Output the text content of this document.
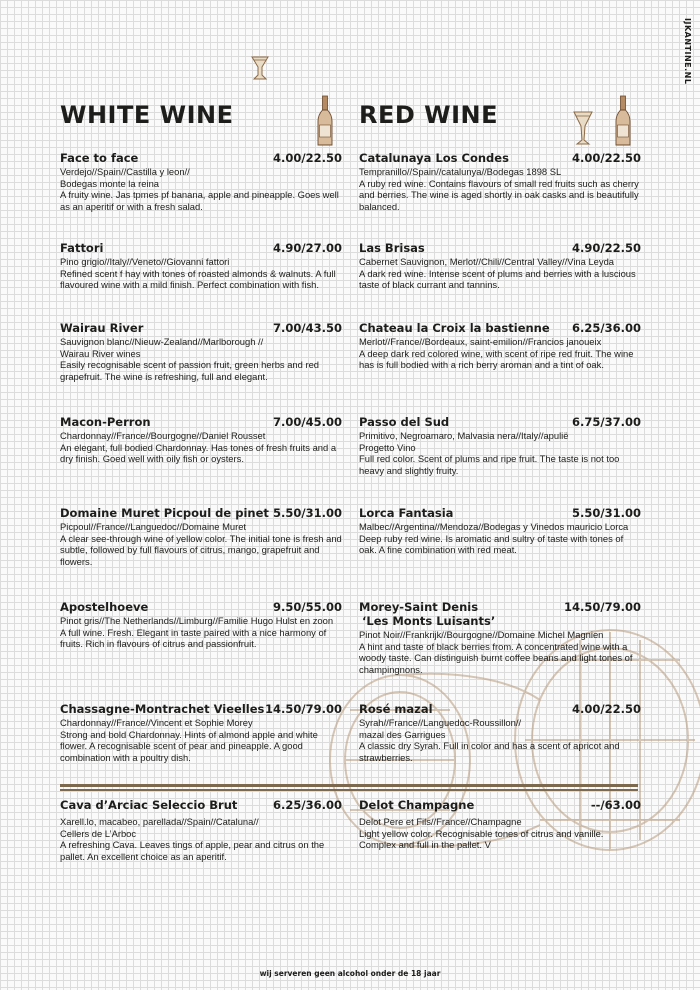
IJKANTINE.NL
WHITE WINE	RED WINE
Face to face	4.00/22.50
Verdejo//Spain//Castilla y leon//
Bodegas monte la reina
A fruity wine. Jas tpmes pf banana, apple and pineapple. Goes well as an aperitif or with a fresh salad.
Fattori	4.90/27.00
Pino grigio//Italy//Veneto//Giovanni fattori
Refined scent f hay with tones of roasted almonds & walnuts. A full flavoured wine with a mild finish. Perfect combination with fish.
Wairau River	7.00/43.50
Sauvignon blanc//Nieuw-Zealand//Marlborough //
Wairau River wines
Easily recognisable scent of passion fruit, green herbs and red grapefruit. The wine is refreshing, full and elegant.
Macon-Perron	7.00/45.00
Chardonnay//France//Bourgogne//Daniel Rousset
An elegant, full bodied Chardonnay. Has tones of fresh fruits and a dry finish. Goed well with oily fish or oysters.
Domaine Muret Picpoul de pinet 5.50/31.00
Picpoul//France//Languedoc//Domaine Muret
A clear see-through wine of yellow color. The initial tone is fresh and subtle, followed by full flavours of citrus, mango, grapefruit and flowers.
Apostelhoeve	9.50/55.00
Pinot gris//The Netherlands//Limburg//Familie Hugo Hulst en zoon
A full wine. Fresh. Elegant in taste paired with a nice harmony of fruits. Rich in flavours of citrus and passionfruit.
Chassagne-Montrachet Vieelles 14.50/79.00
Chardonnay//France//Vincent et Sophie Morey
Strong and bold Chardonnay. Hints of almond apple and white flower. A recognisable scent of pear and pineapple. A good combination with a poultry dish.
Cava d’Arciac Seleccio Brut	6.25/36.00
Xarell.lo, macabeo, parellada//Spain//Cataluna//
Cellers de L’Arboc
A refreshing Cava. Leaves tings of apple, pear and citrus on the pallet. An excellent choice as an aperitif.
Catalunaya Los Condes	4.00/22.50
Tempranillo//Spain//catalunya//Bodegas 1898 SL
A ruby red wine. Contains flavours of small red fruits such as cherry and berries. The wine is aged shortly in oak casks and is beautifully balanced.
Las Brisas	4.90/22.50
Cabernet Sauvignon, Merlot//Chili//Central Valley//Vina Leyda
A dark red wine. Intense scent of plums and berries with a luscious taste of black currant and tannins.
Chateau la Croix la bastienne 6.25/36.00
Merlot//France//Bordeaux, saint-emilion//Francios janoueix
A deep dark red colored wine, with scent of ripe red fruit. The wine has is full bodied with a rich berry aroman and a tint of oak.
Passo del Sud	6.75/37.00
Primitivo, Negroamaro, Malvasia nera//Italy//apulië
Progetto Vino
Full red color. Scent of plums and ripe fruit. The taste is not too heavy and slightly fruity.
Lorca Fantasia	5.50/31.00
Malbec//Argentina//Mendoza//Bodegas y Vinedos mauricio Lorca
Deep ruby red wine. Is aromatic and sultry of taste with tones of oak. A fine combination with red meat.
Morey-Saint Denis	14.50/79.00
‘Les Monts Luisants’
Pinot Noir//Frankrijk//Bourgogne//Domaine Michel Magnien
A hint and taste of black berries from. A concentrated wine with a woody taste. Can distinguish burnt coffee beans and light tones of champingnons.
Rosé mazal	4.00/22.50
Syrah//France//Languedoc-Roussillon//
mazal des Garrigues
A classic dry Syrah. Full in color and has a scent of apricot and strawberries.
Delot Champagne	--/63.00
Delot Pere et Fils//France//Champagne
Light yellow color. Recognisable tones of citrus and vanille. Complex and full in the pallet. V
wij serveren geen alcohol onder de 18 jaar
